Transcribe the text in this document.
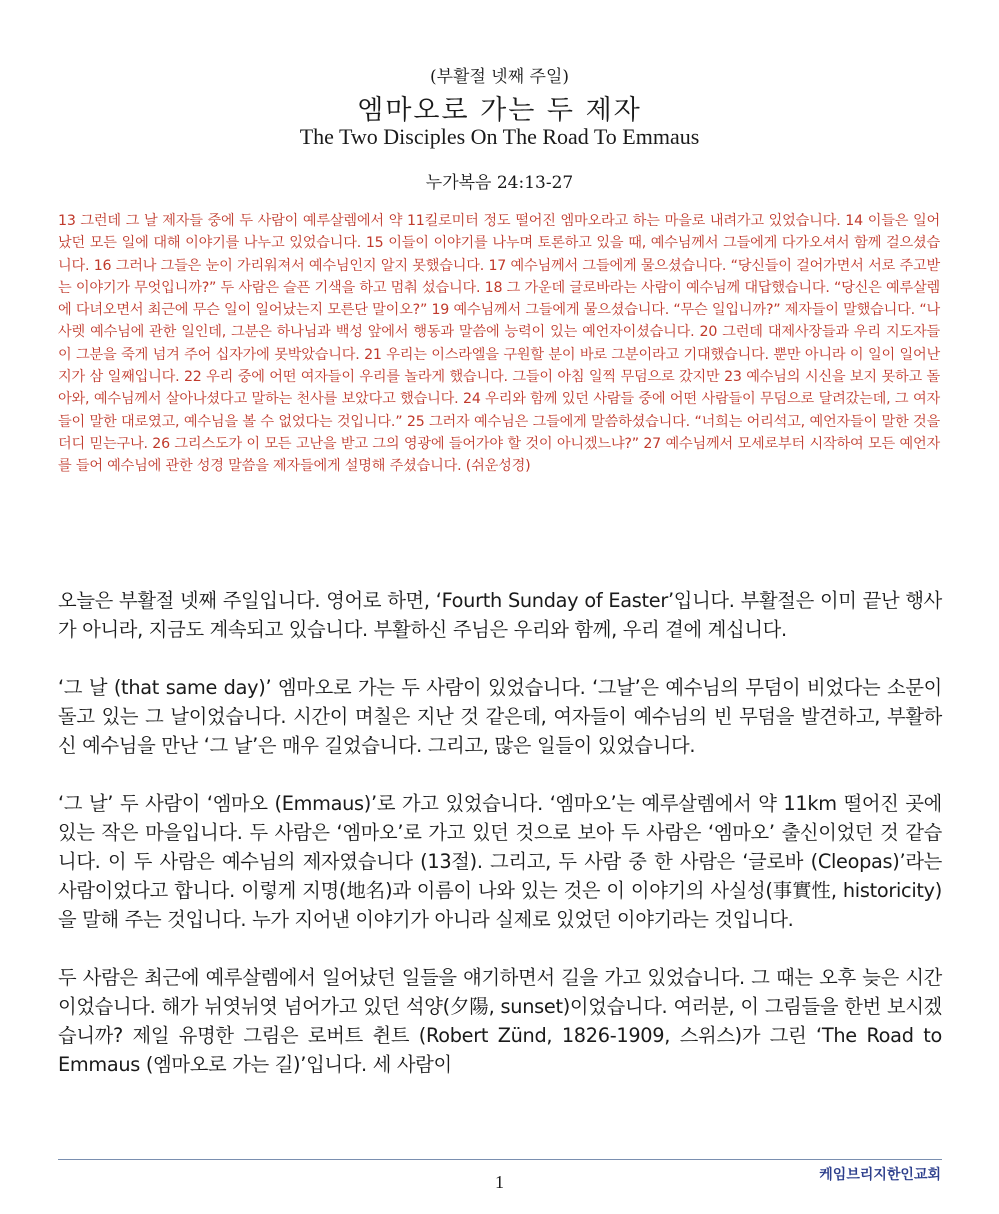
(부활절 넷째 주일)
엠마오로 가는 두 제자
The Two Disciples On The Road To Emmaus
누가복음 24:13-27
13 그런데 그 날 제자들 중에 두 사람이 예루살렘에서 약 11킬로미터 정도 떨어진 엠마오라고 하는 마을로 내려가고 있었습니다. 14 이들은 일어났던 모든 일에 대해 이야기를 나누고 있었습니다. 15 이들이 이야기를 나누며 토론하고 있을 때, 예수님께서 그들에게 다가오셔서 함께 걸으셨습니다. 16 그러나 그들은 눈이 가리워져서 예수님인지 알지 못했습니다. 17 예수님께서 그들에게 물으셨습니다. “당신들이 걸어가면서 서로 주고받는 이야기가 무엇입니까?” 두 사람은 슬픈 기색을 하고 멈춰 섰습니다. 18 그 가운데 글로바라는 사람이 예수님께 대답했습니다. “당신은 예루살렘에 다녀오면서 최근에 무슨 일이 일어났는지 모른단 말이오?” 19 예수님께서 그들에게 물으셨습니다. “무슨 일입니까?” 제자들이 말했습니다. “나사렛 예수님에 관한 일인데, 그분은 하나님과 백성 앞에서 행동과 말씀에 능력이 있는 예언자이셨습니다. 20 그런데 대제사장들과 우리 지도자들이 그분을 죽게 넘겨 주어 십자가에 못박았습니다. 21 우리는 이스라엘을 구원할 분이 바로 그분이라고 기대했습니다. 뿐만 아니라 이 일이 일어난 지가 삼 일째입니다. 22 우리 중에 어떤 여자들이 우리를 놀라게 했습니다. 그들이 아침 일찍 무덤으로 갔지만 23 예수님의 시신을 보지 못하고 돌아와, 예수님께서 살아나셨다고 말하는 천사를 보았다고 했습니다. 24 우리와 함께 있던 사람들 중에 어떤 사람들이 무덤으로 달려갔는데, 그 여자들이 말한 대로였고, 예수님을 볼 수 없었다는 것입니다.” 25 그러자 예수님은 그들에게 말씀하셨습니다. “너희는 어리석고, 예언자들이 말한 것을 더디 믿는구나. 26 그리스도가 이 모든 고난을 받고 그의 영광에 들어가야 할 것이 아니겠느냐?” 27 예수님께서 모세로부터 시작하여 모든 예언자를 들어 예수님에 관한 성경 말씀을 제자들에게 설명해 주셨습니다. (쉬운성경)

오늘은 부활절 넷째 주일입니다. 영어로 하면, ‘Fourth Sunday of Easter’입니다. 부활절은 이미 끝난 행사가 아니라, 지금도 계속되고 있습니다. 부활하신 주님은 우리와 함께, 우리 곁에 계십니다.

‘그 날 (that same day)’ 엠마오로 가는 두 사람이 있었습니다. ‘그날’은 예수님의 무덤이 비었다는 소문이 돌고 있는 그 날이었습니다. 시간이 며칠은 지난 것 같은데, 여자들이 예수님의 빈 무덤을 발견하고, 부활하신 예수님을 만난 ‘그 날’은 매우 길었습니다. 그리고, 많은 일들이 있었습니다.

‘그 날’ 두 사람이 ‘엠마오 (Emmaus)’로 가고 있었습니다. ‘엠마오’는 예루살렘에서 약 11km 떨어진 곳에 있는 작은 마을입니다. 두 사람은 ‘엠마오’로 가고 있던 것으로 보아 두 사람은 ‘엠마오’ 출신이었던 것 같습니다. 이 두 사람은 예수님의 제자였습니다 (13절). 그리고, 두 사람 중 한 사람은 ‘글로바 (Cleopas)’라는 사람이었다고 합니다. 이렇게 지명(地名)과 이름이 나와 있는 것은 이 이야기의 사실성(事實性, historicity)을 말해 주는 것입니다. 누가 지어낸 이야기가 아니라 실제로 있었던 이야기라는 것입니다.

두 사람은 최근에 예루살렘에서 일어났던 일들을 얘기하면서 길을 가고 있었습니다. 그 때는 오후 늦은 시간이었습니다. 해가 뉘엿뉘엿 넘어가고 있던 석양(夕陽, sunset)이었습니다. 여러분, 이 그림들을 한번 보시겠습니까? 제일 유명한 그림은 로버트 췬트 (Robert Zünd, 1826-1909, 스위스)가 그린 ‘The Road to Emmaus (엠마오로 가는 길)’입니다. 세 사람이

1	케임브리지한인교회
